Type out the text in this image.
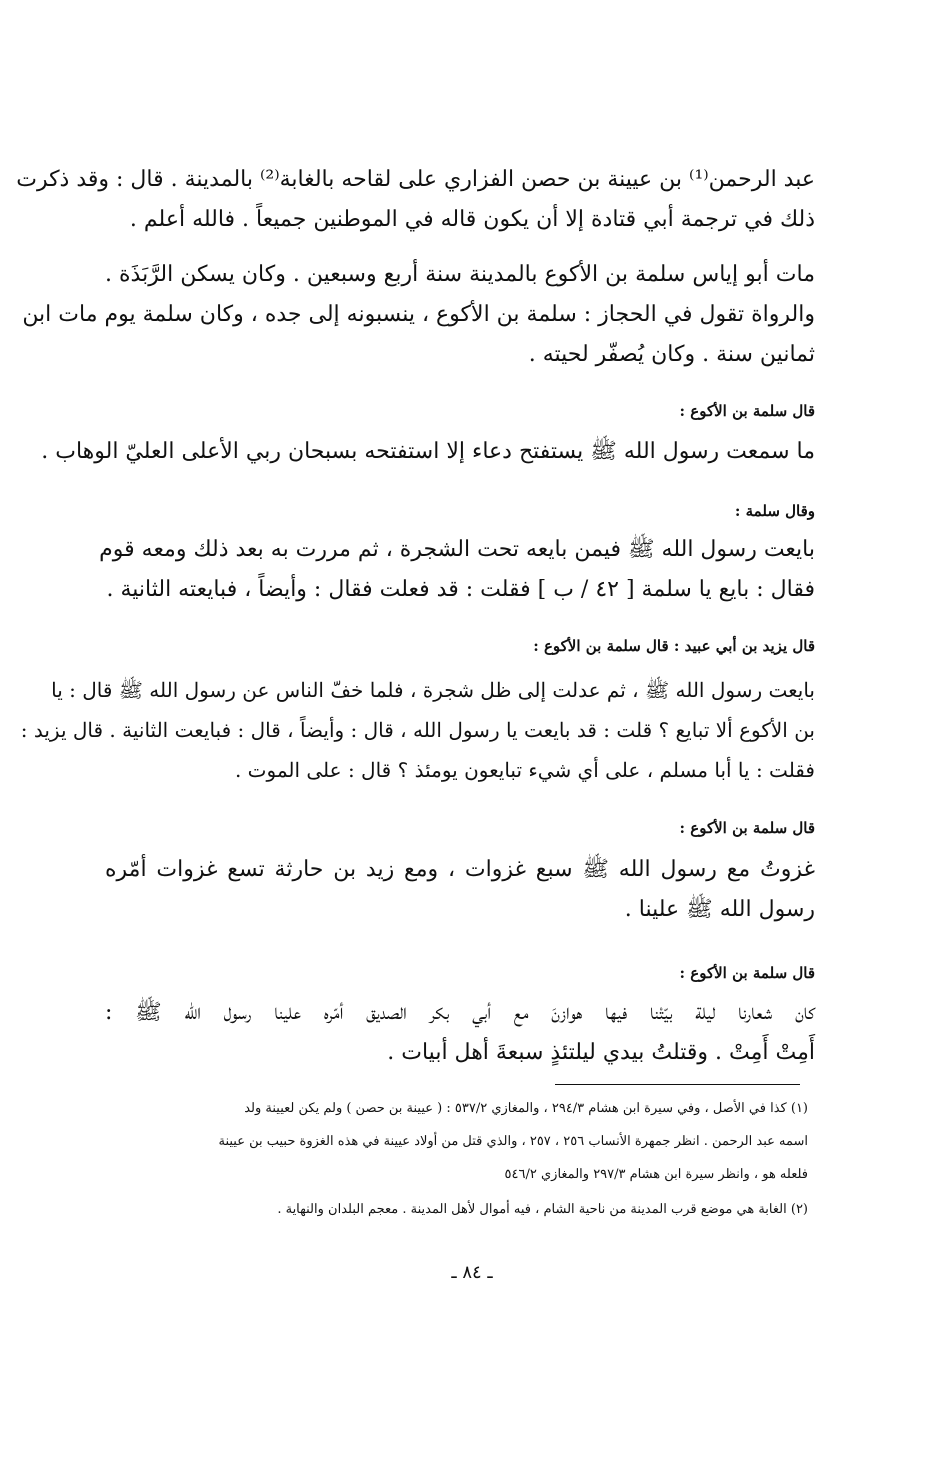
عبد الرحمن⁽¹⁾ بن عيينة بن حصن الفزاري على لقاحه بالغابة⁽²⁾ بالمدينة . قال : وقد ذكرت
ذلك في ترجمة أبي قتادة إلا أن يكون قاله في الموطنين جميعاً . فالله أعلم .
مات أبو إياس سلمة بن الأكوع بالمدينة سنة أربع وسبعين . وكان يسكن الرَّبَذَة .
والرواة تقول في الحجاز : سلمة بن الأكوع ، ينسبونه إلى جده ، وكان سلمة يوم مات ابن
ثمانين سنة . وكان يُصفّر لحيته .
قال سلمة بن الأكوع :
ما سمعت رسول الله ﷺ يستفتح دعاء إلا استفتحه بسبحان ربي الأعلى العليّ الوهاب .
وقال سلمة :
بايعت رسول الله ﷺ فيمن بايعه تحت الشجرة ، ثم مررت به بعد ذلك ومعه قوم
فقال : بايع يا سلمة [ ٤٢ / ب ] فقلت : قد فعلت فقال : وأيضاً ، فبايعته الثانية .
قال يزيد بن أبي عبيد : قال سلمة بن الأكوع :
بايعت رسول الله ﷺ ، ثم عدلت إلى ظل شجرة ، فلما خفّ الناس عن رسول الله ﷺ قال : يا
بن الأكوع ألا تبايع ؟ قلت : قد بايعت يا رسول الله ، قال : وأيضاً ، قال : فبايعت الثانية . قال يزيد :
فقلت : يا أبا مسلم ، على أي شيء تبايعون يومئذ ؟ قال : على الموت .
قال سلمة بن الأكوع :
غزوتُ مع رسول الله ﷺ سبع غزوات ، ومع زيد بن حارثة تسع غزوات أمّره
رسول الله ﷺ علينا .
قال سلمة بن الأكوع :
كان شعارنا ليلة بيّتْنا فيها هوازنَ مع أبي بكر الصديق أمّره علينا رسول الله ﷺ :
أَمِتْ أَمِتْ . وقتلتُ بيدي ليلتئذٍ سبعةَ أهل أبيات .
(١) كذا في الأصل ، وفي سيرة ابن هشام ٢٩٤/٣ ، والمغازي ٥٣٧/٢ : ( عيينة بن حصن ) ولم يكن لعيينة ولد
اسمه عبد الرحمن . انظر جمهرة الأنساب ٢٥٦ ، ٢٥٧ ، والذي قتل من أولاد عيينة في هذه الغزوة حبيب بن عيينة
فلعله هو ، وانظر سيرة ابن هشام ٢٩٧/٣ والمغازي ٥٤٦/٢
(٢) الغابة هي موضع قرب المدينة من ناحية الشام ، فيه أموال لأهل المدينة . معجم البلدان والنهاية .
ـ ٨٤ ـ
